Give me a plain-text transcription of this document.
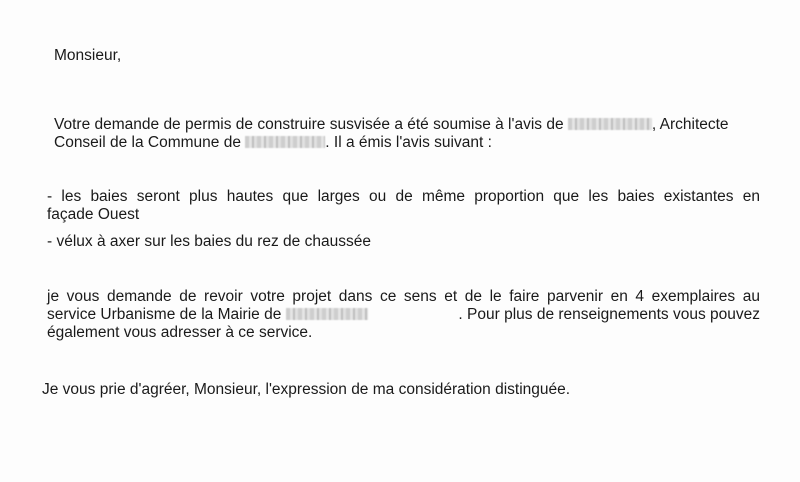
Monsieur,
Votre demande de permis de construire susvisée a été soumise à l'avis de	, Architecte
Conseil de la Commune de	. Il a émis l'avis suivant :
- les baies seront plus hautes que larges ou de même proportion que les baies existantes en
façade Ouest
- vélux à axer sur les baies du rez de chaussée
je vous demande de revoir votre projet dans ce sens et de le faire parvenir en 4 exemplaires au
service Urbanisme de la Mairie de	. Pour plus de renseignements vous pouvez
également vous adresser à ce service.
Je vous prie d'agréer, Monsieur, l'expression de ma considération distinguée.
